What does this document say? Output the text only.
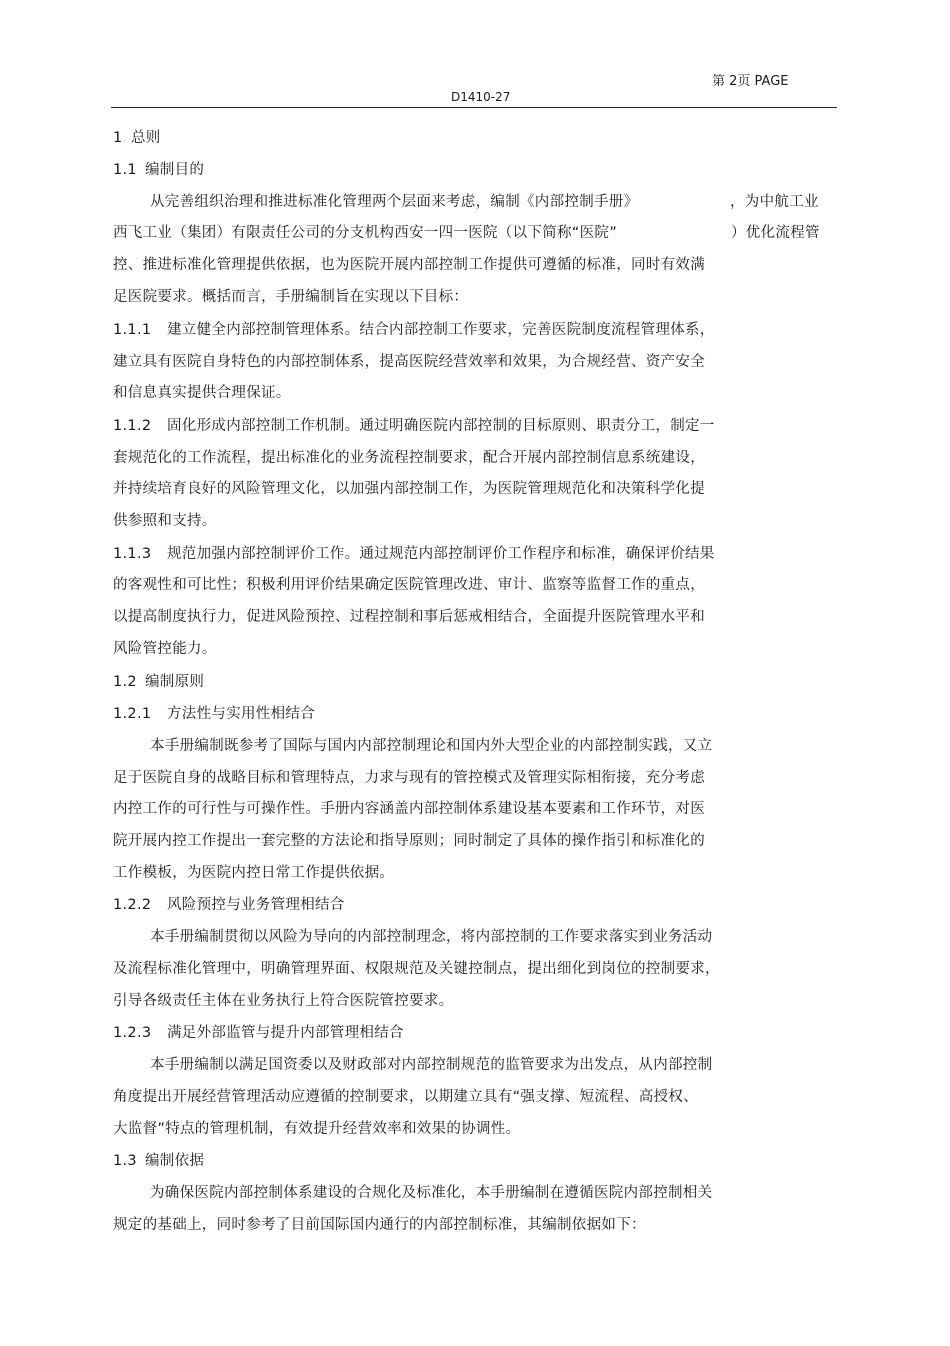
第 2页 PAGE
D1410-27
1 总则
1.1 编制目的
从完善组织治理和推进标准化管理两个层面来考虑，编制《内部控制手册》	，为中航工业
西飞工业（集团）有限责任公司的分支机构西安一四一医院（以下简称“医院”	）优化流程管
控、推进标准化管理提供依据，也为医院开展内部控制工作提供可遵循的标准，同时有效满
足医院要求。概括而言，手册编制旨在实现以下目标：
1.1.1 建立健全内部控制管理体系。结合内部控制工作要求，完善医院制度流程管理体系，
建立具有医院自身特色的内部控制体系，提高医院经营效率和效果，为合规经营、资产安全
和信息真实提供合理保证。
1.1.2 固化形成内部控制工作机制。通过明确医院内部控制的目标原则、职责分工，制定一
套规范化的工作流程，提出标准化的业务流程控制要求，配合开展内部控制信息系统建设，
并持续培育良好的风险管理文化，以加强内部控制工作，为医院管理规范化和决策科学化提
供参照和支持。
1.1.3 规范加强内部控制评价工作。通过规范内部控制评价工作程序和标准，确保评价结果
的客观性和可比性；积极利用评价结果确定医院管理改进、审计、监察等监督工作的重点，
以提高制度执行力，促进风险预控、过程控制和事后惩戒相结合，全面提升医院管理水平和
风险管控能力。
1.2 编制原则
1.2.1 方法性与实用性相结合
本手册编制既参考了国际与国内内部控制理论和国内外大型企业的内部控制实践，又立
足于医院自身的战略目标和管理特点，力求与现有的管控模式及管理实际相衔接，充分考虑
内控工作的可行性与可操作性。手册内容涵盖内部控制体系建设基本要素和工作环节，对医
院开展内控工作提出一套完整的方法论和指导原则；同时制定了具体的操作指引和标准化的
工作模板，为医院内控日常工作提供依据。
1.2.2 风险预控与业务管理相结合
本手册编制贯彻以风险为导向的内部控制理念，将内部控制的工作要求落实到业务活动
及流程标准化管理中，明确管理界面、权限规范及关键控制点，提出细化到岗位的控制要求，
引导各级责任主体在业务执行上符合医院管控要求。
1.2.3 满足外部监管与提升内部管理相结合
本手册编制以满足国资委以及财政部对内部控制规范的监管要求为出发点，从内部控制
角度提出开展经营管理活动应遵循的控制要求，以期建立具有“强支撑、短流程、高授权、
大监督”特点的管理机制，有效提升经营效率和效果的协调性。
1.3 编制依据
为确保医院内部控制体系建设的合规化及标准化，本手册编制在遵循医院内部控制相关
规定的基础上，同时参考了目前国际国内通行的内部控制标准，其编制依据如下：
